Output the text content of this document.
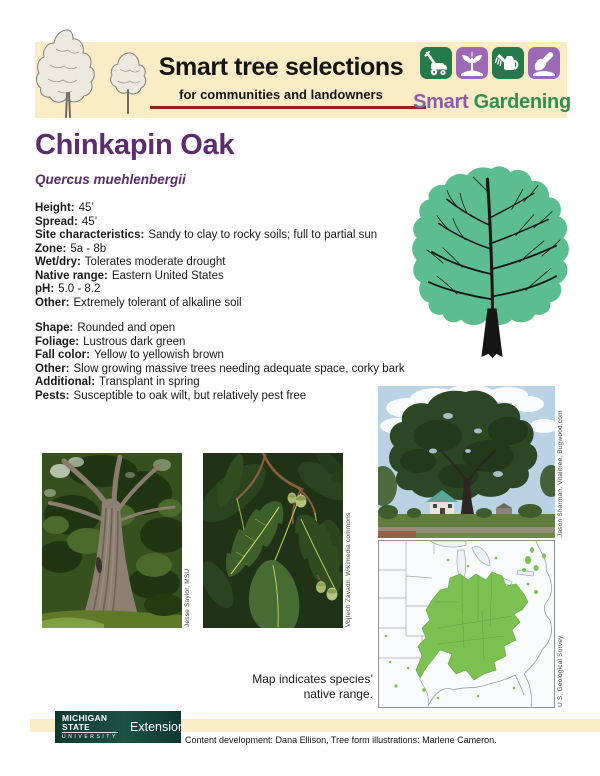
Smart tree selections
for communities and landowners	Smart Gardening
Chinkapin Oak
Quercus muehlenbergii
Height: 45’
Spread: 45’
Site characteristics: Sandy to clay to rocky soils; full to partial sun
Zone: 5a - 8b
Wet/dry: Tolerates moderate drought
Native range: Eastern United States
pH: 5.0 - 8.2
Other: Extremely tolerant of alkaline soil
Shape: Rounded and open
Foliage: Lustrous dark green
Fall color: Yellow to yellowish brown
Other: Slow growing massive trees needing adequate space, corky bark
Additional: Transplant in spring
Pests: Susceptible to oak wilt, but relatively pest free
Jesse Saylor, MSU	Vojtech Zavadil, Wikimedia commons
Jason Sharman, Vitalitree, Bugwood.com
U.S. Geological Survey
Map indicates species’
native range.
MICHIGAN STATE
UNIVERSITY
Extension
Content development: Dana Ellison, Tree form illustrations: Marlene Cameron.
